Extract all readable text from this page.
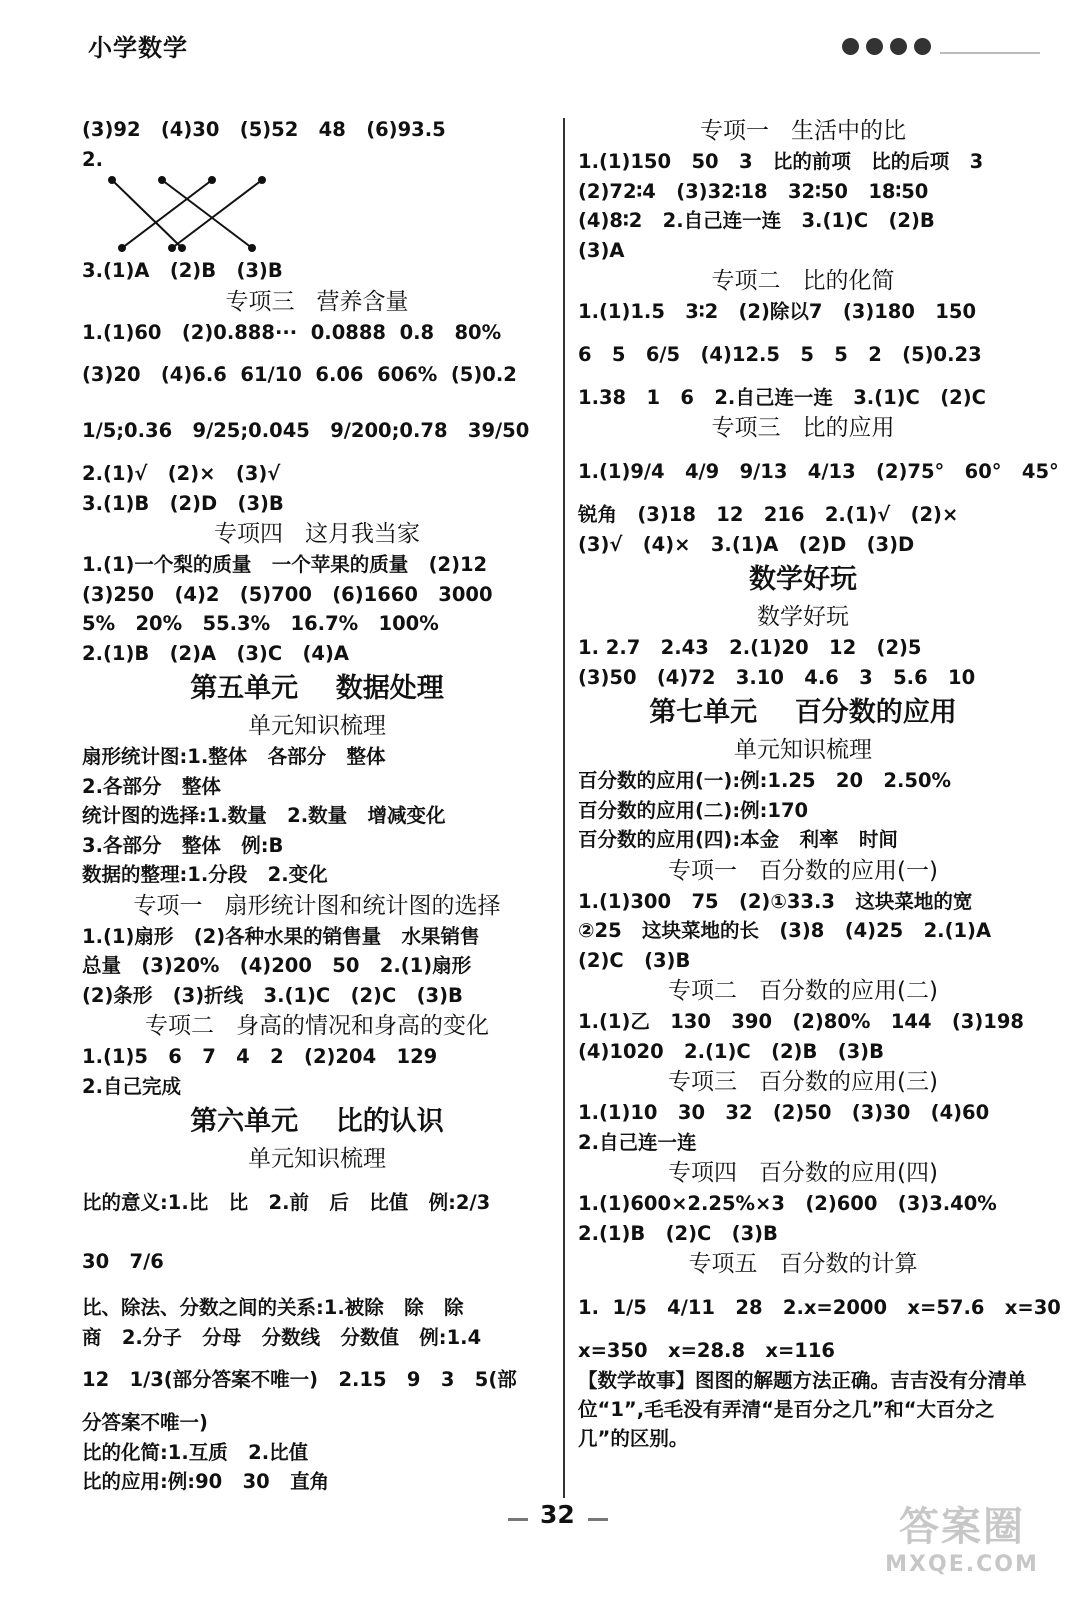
小学数学
(3)92   (4)30   (5)52   48   (6)93.5
2.
3.(1)A   (2)B   (3)B
专项三   营养含量
1.(1)60   (2)0.888···  0.0888  0.8   80%
(3)20   (4)6.6̇  61/10  6.0̇6  606%  (5)0.2
1/5;0.36   9/25;0.045   9/200;0.78   39/50
2.(1)√   (2)×   (3)√
3.(1)B   (2)D   (3)B
专项四   这月我当家
1.(1)一个梨的质量   一个苹果的质量   (2)12
(3)250   (4)2   (5)700   (6)1660   3000
5%   20%   55.3%   16.7%   100%
2.(1)B   (2)A   (3)C   (4)A
第五单元    数据处理
单元知识梳理
扇形统计图:1.整体   各部分   整体
2.各部分   整体
统计图的选择:1.数量   2.数量   增减变化
3.各部分   整体   例:B
数据的整理:1.分段   2.变化
专项一   扇形统计图和统计图的选择
1.(1)扇形   (2)各种水果的销售量   水果销售
总量   (3)20%   (4)200   50   2.(1)扇形
(2)条形   (3)折线   3.(1)C   (2)C   (3)B
专项二   身高的情况和身高的变化
1.(1)5   6   7   4   2   (2)204   129
2.自己完成
第六单元    比的认识
单元知识梳理
比的意义:1.比   比   2.前   后   比值   例:2/3
30   7/6
比、除法、分数之间的关系:1.被除   除   除
商   2.分子   分母   分数线   分数值   例:1.4
12   1/3(部分答案不唯一)   2.15   9   3   5(部
分答案不唯一)
比的化简:1.互质   2.比值
比的应用:例:90   30   直角
专项一   生活中的比
1.(1)150   50   3   比的前项   比的后项   3
(2)72∶4   (3)32∶18   32∶50   18∶50
(4)8∶2   2.自己连一连   3.(1)C   (2)B
(3)A
专项二   比的化简
1.(1)1.5   3∶2   (2)除以7   (3)180   150
6   5   6/5   (4)12.5   5   5   2   (5)0.23
1.38   1   6   2.自己连一连   3.(1)C   (2)C
专项三   比的应用
1.(1)9/4   4/9   9/13   4/13   (2)75°   60°   45°
锐角   (3)18   12   216   2.(1)√   (2)×
(3)√   (4)×   3.(1)A   (2)D   (3)D
数学好玩
数学好玩
1. 2.7   2.43   2.(1)20   12   (2)5
(3)50   (4)72   3.10   4.6   3   5.6   10
第七单元    百分数的应用
单元知识梳理
百分数的应用(一):例:1.25   20   2.50%
百分数的应用(二):例:170
百分数的应用(四):本金   利率   时间
专项一   百分数的应用(一)
1.(1)300   75   (2)①33.3   这块菜地的宽
②25   这块菜地的长   (3)8   (4)25   2.(1)A
(2)C   (3)B
专项二   百分数的应用(二)
1.(1)乙   130   390   (2)80%   144   (3)198
(4)1020   2.(1)C   (2)B   (3)B
专项三   百分数的应用(三)
1.(1)10   30   32   (2)50   (3)30   (4)60
2.自己连一连
专项四   百分数的应用(四)
1.(1)600×2.25%×3   (2)600   (3)3.40%
2.(1)B   (2)C   (3)B
专项五   百分数的计算
1.  1/5   4/11   28   2.x=2000   x=57.6   x=30
x=350   x=28.8   x=116
【数学故事】图图的解题方法正确。吉吉没有分清单位“1”,毛毛没有弄清“是百分之几”和“大百分之几”的区别。
32	答案圈
MXQE.COM
